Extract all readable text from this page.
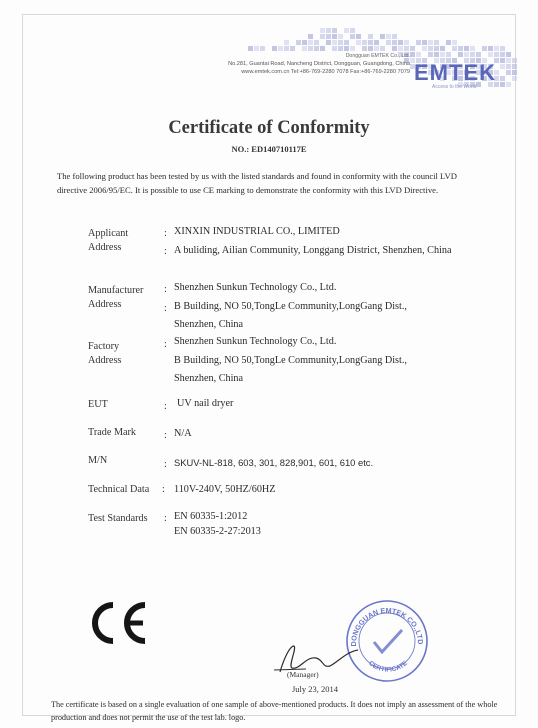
Dongguan EMTEK Co., Ltd.
No.281, Guantai Road, Nancheng District, Dongguan, Guangdong, China
www.emtek.com.cn Tel:+86-769-2280 7078 Fax:+86-769-2280 7079 EMTEK
Access to the World
Certificate of Conformity
NO.: ED140710117E
The following product has been tested by us with the listed standards and found in conformity with the council LVD directive 2006/95/EC. It is possible to use CE marking to demonstrate the conformity with this LVD Directive.
Applicant	: XINXIN INDUSTRIAL CO., LIMITED
Address	: A buliding, Ailian Community, Longgang District, Shenzhen, China
Manufacturer : Shenzhen Sunkun Technology Co., Ltd.
Address	: B Building, NO 50,TongLe Community,LongGang Dist.,
Shenzhen, China
Factory	: Shenzhen Sunkun Technology Co., Ltd.
Address	B Building, NO 50,TongLe Community,LongGang Dist.,
Shenzhen, China
EUT	: UV nail dryer
Trade Mark	: N/A
M/N	: SKUV-NL-818, 603, 301, 828,901, 601, 610 etc.
Technical Data : 110V-240V, 50HZ/60HZ
Test Standards : EN 60335-1:2012
EN 60335-2-27:2013
DONGGUAN EMTEK CO.,LTD
CERTIFICATE
(Manager)
July 23, 2014
The certificate is based on a single evaluation of one sample of above-mentioned products. It does not imply an assessment of the whole production and does not permit the use of the test lab. logo.
